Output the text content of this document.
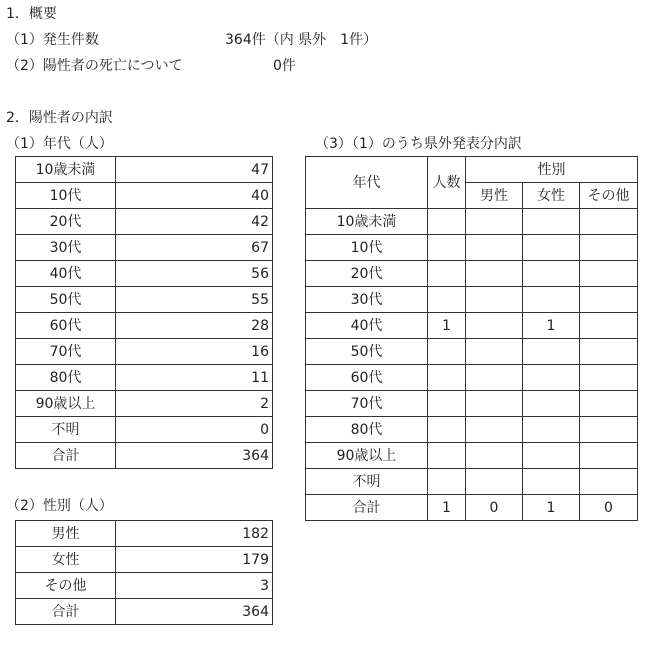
1．概要
（1）発生件数	364件（内 県外　1件）
（2）陽性者の死亡について	0件
2．陽性者の内訳
（1）年代（人）	（3）（1）のうち県外発表分内訳
（2）性別（人）
10歳未満	47
10代	40
20代	42
30代	67
40代	56
50代	55
60代	28
70代	16
80代	11
90歳以上	2
不明	0
合計	364
男性	182
女性	179
その他	3
合計	364
年代	人数	性別		
		男性	女性	その他
10歳未満				
10代				
20代				
30代				
40代	1		1	
50代				
60代				
70代				
80代				
90歳以上				
不明				
合計	1	0	1	0
